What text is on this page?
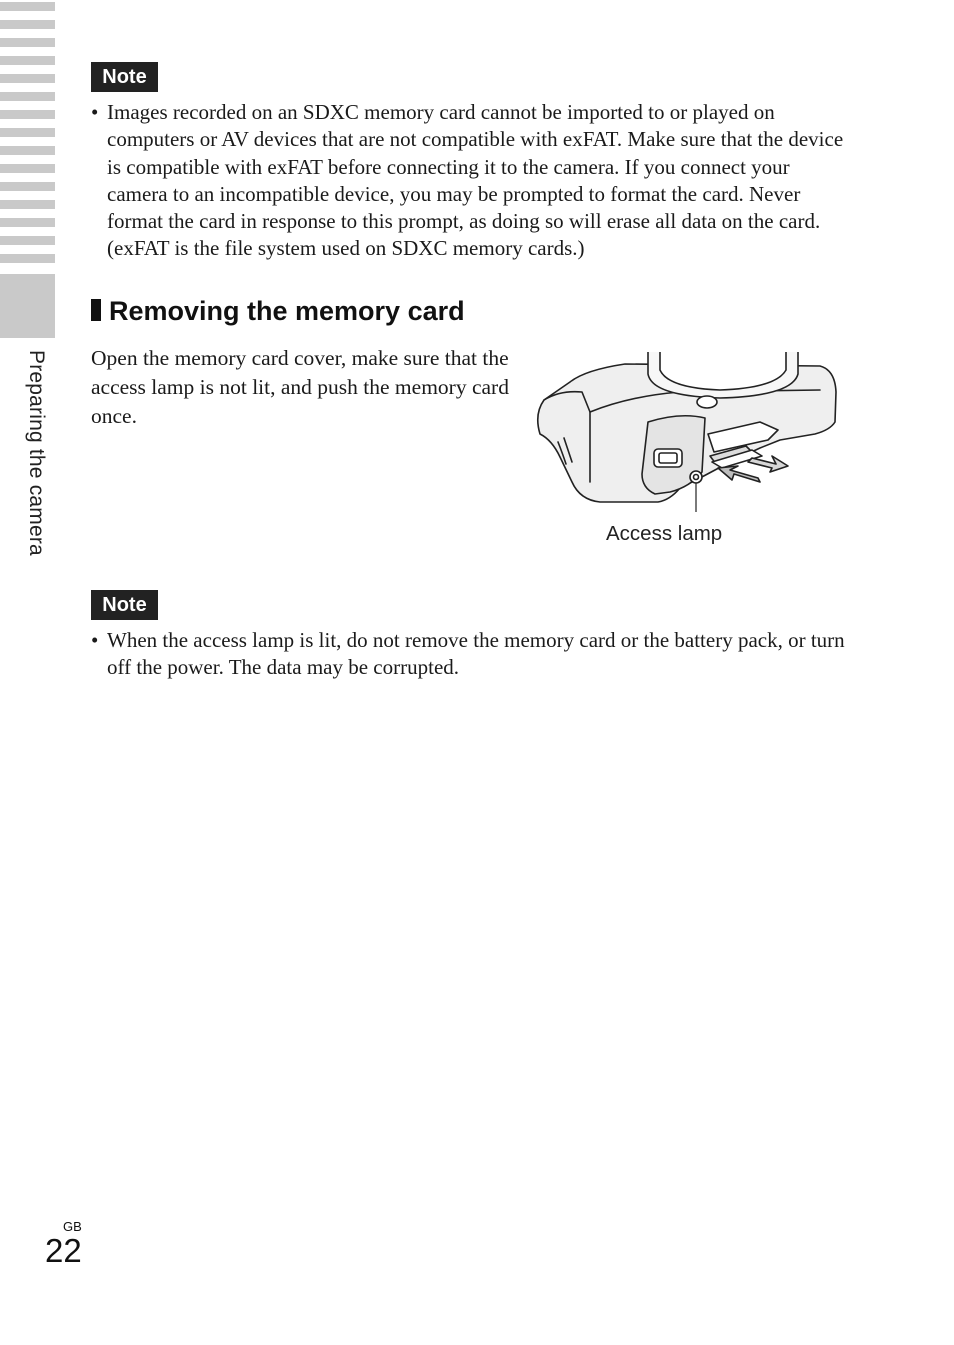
Preparing the camera
Note
• Images recorded on an SDXC memory card cannot be imported to or played on computers or AV devices that are not compatible with exFAT. Make sure that the device is compatible with exFAT before connecting it to the camera. If you connect your camera to an incompatible device, you may be prompted to format the card. Never format the card in response to this prompt, as doing so will erase all data on the card. (exFAT is the file system used on SDXC memory cards.)
Removing the memory card
Open the memory card cover, make sure that the access lamp is not lit, and push the memory card once.
Access lamp
Note
• When the access lamp is lit, do not remove the memory card or the battery pack, or turn off the power. The data may be corrupted.
GB
22
